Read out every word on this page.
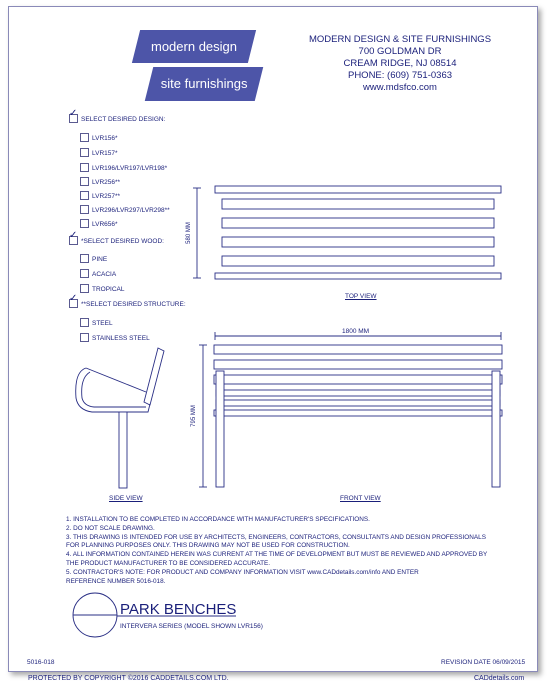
modern design
site furnishings
MODERN DESIGN & SITE FURNISHINGS
700 GOLDMAN DR
CREAM RIDGE, NJ 08514
PHONE: (609) 751-0363
www.mdsfco.com
✓SELECT DESIRED DESIGN:
LVR156*
LVR157*
LVR196/LVR197/LVR198*
LVR256**
LVR257**
LVR296/LVR297/LVR298**
LVR656*
✓*SELECT DESIRED WOOD:
PINE
ACACIA
TROPICAL
✓**SELECT DESIRED STRUCTURE:
STEEL
STAINLESS STEEL
580 MM
795 MM
TOP VIEW
1800 MM
SIDE VIEW	FRONT VIEW
1. INSTALLATION TO BE COMPLETED IN ACCORDANCE WITH MANUFACTURER'S SPECIFICATIONS.
2. DO NOT SCALE DRAWING.
3. THIS DRAWING IS INTENDED FOR USE BY ARCHITECTS, ENGINEERS, CONTRACTORS, CONSULTANTS AND DESIGN PROFESSIONALS
FOR PLANNING PURPOSES ONLY. THIS DRAWING MAY NOT BE USED FOR CONSTRUCTION.
4. ALL INFORMATION CONTAINED HEREIN WAS CURRENT AT THE TIME OF DEVELOPMENT BUT MUST BE REVIEWED AND APPROVED BY
THE PRODUCT MANUFACTURER TO BE CONSIDERED ACCURATE.
5. CONTRACTOR'S NOTE: FOR PRODUCT AND COMPANY INFORMATION VISIT www.CADdetails.com/info AND ENTER
REFERENCE NUMBER 5016-018.
PARK BENCHES
INTERVERA SERIES (MODEL SHOWN LVR156)
5016-018	REVISION DATE 06/09/2015
PROTECTED BY COPYRIGHT ©2016 CADDETAILS.COM LTD.	CADdetails.com
